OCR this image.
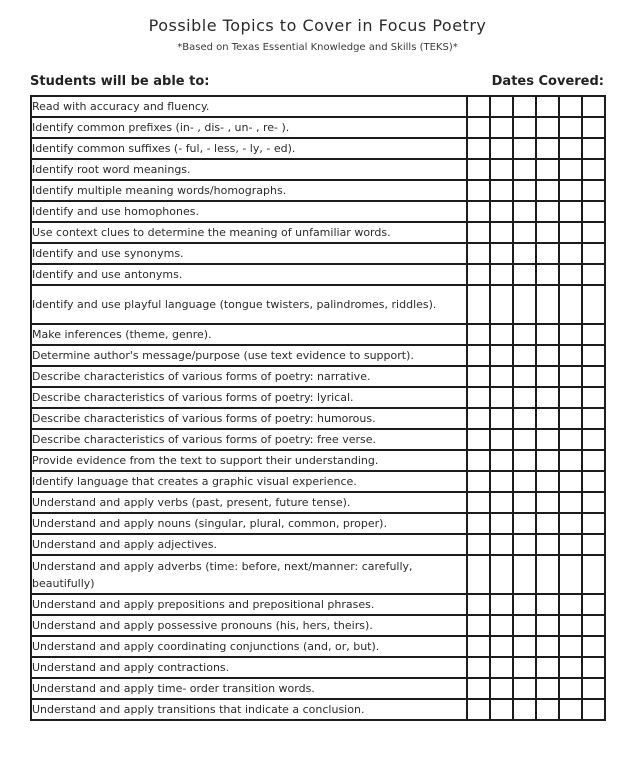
Possible Topics to Cover in Focus Poetry
*Based on Texas Essential Knowledge and Skills (TEKS)*
Students will be able to:	Dates Covered:
Read with accuracy and fluency.						
Identify common prefixes (in- , dis- , un- , re- ).						
Identify common suffixes (- ful, - less, - ly, - ed).						
Identify root word meanings.						
Identify multiple meaning words/homographs.						
Identify and use homophones.						
Use context clues to determine the meaning of unfamiliar words.						
Identify and use synonyms.						
Identify and use antonyms.						
Identify and use playful language (tongue twisters, palindromes, riddles).						
Make inferences (theme, genre).						
Determine author's message/purpose (use text evidence to support).						
Describe characteristics of various forms of poetry: narrative.						
Describe characteristics of various forms of poetry: lyrical.						
Describe characteristics of various forms of poetry: humorous.						
Describe characteristics of various forms of poetry: free verse.						
Provide evidence from the text to support their understanding.						
Identify language that creates a graphic visual experience.						
Understand and apply verbs (past, present, future tense).						
Understand and apply nouns (singular, plural, common, proper).						
Understand and apply adjectives.						
Understand and apply adverbs (time: before, next/manner: carefully, beautifully)						
Understand and apply prepositions and prepositional phrases.						
Understand and apply possessive pronouns (his, hers, theirs).						
Understand and apply coordinating conjunctions (and, or, but).						
Understand and apply contractions.						
Understand and apply time- order transition words.						
Understand and apply transitions that indicate a conclusion.						
